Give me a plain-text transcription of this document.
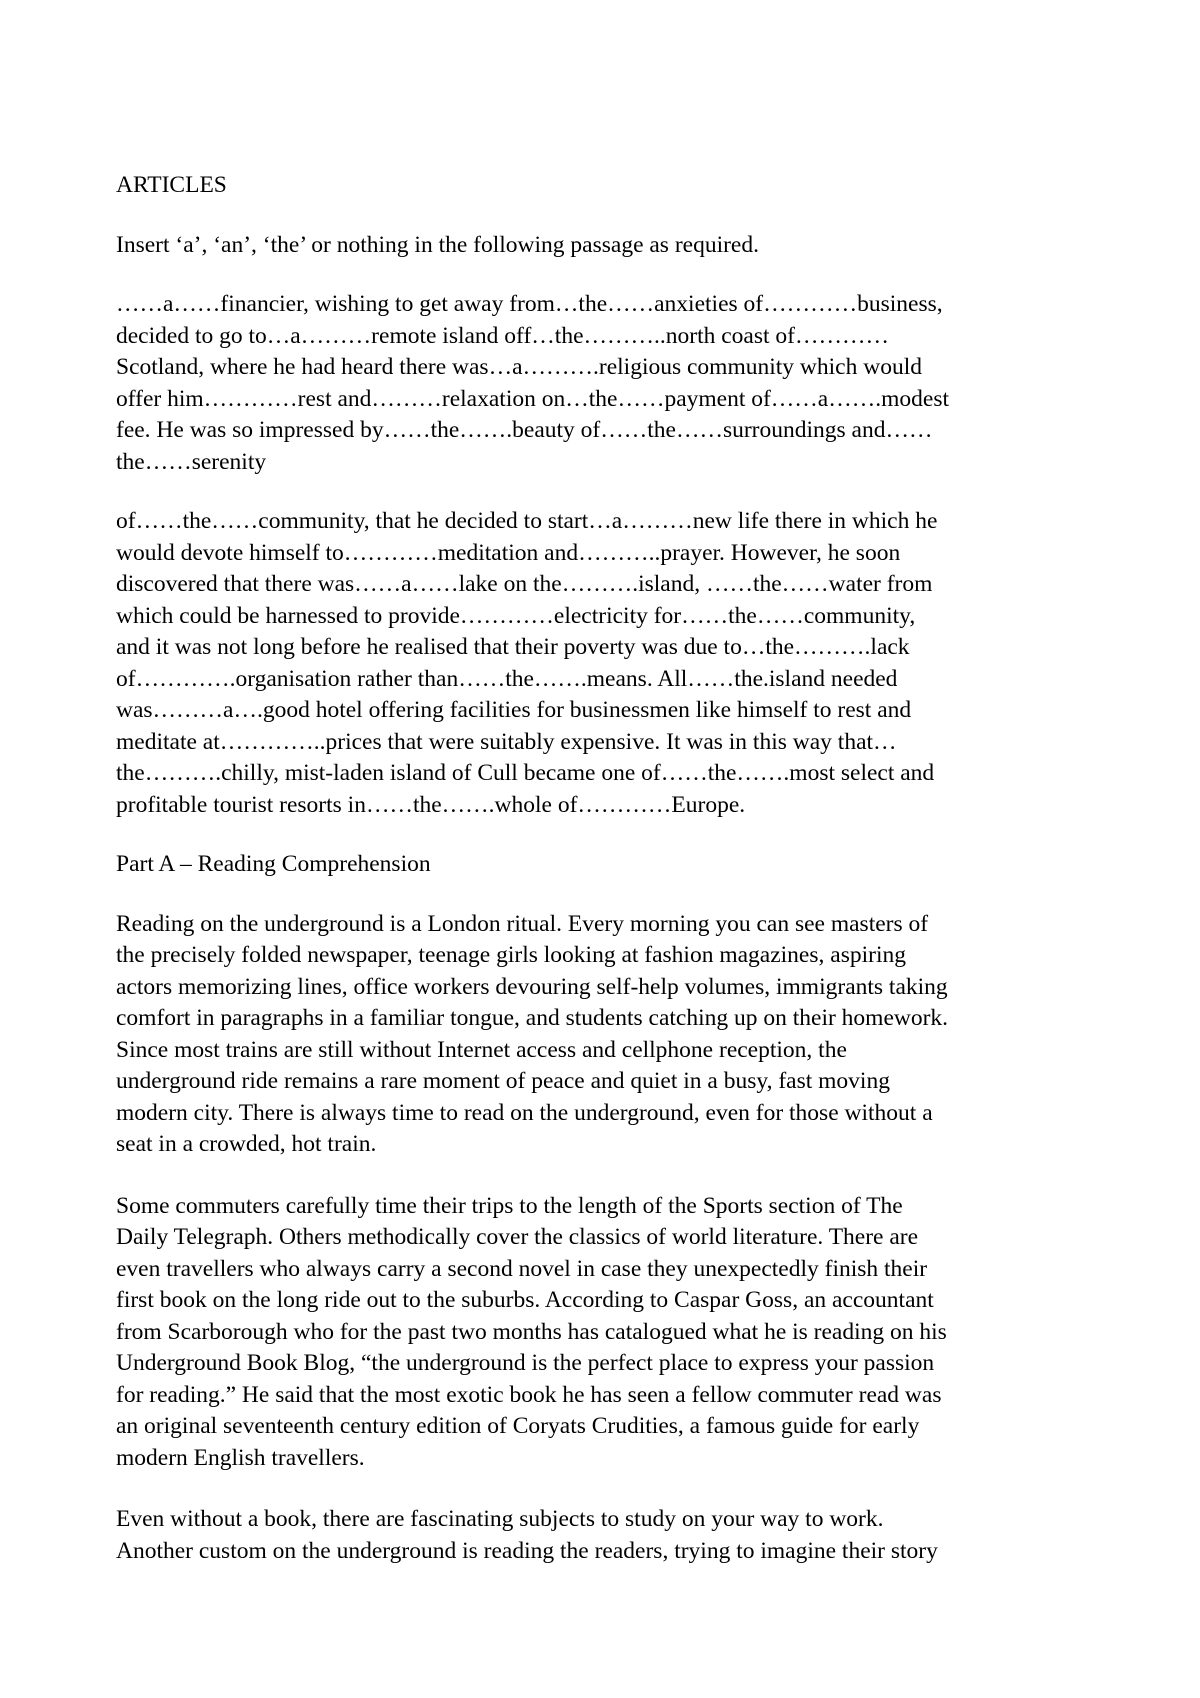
ARTICLES
Insert ‘a’, ‘an’, ‘the’ or nothing in the following passage as required.
……a……financier, wishing to get away from…the……anxieties of…………business,
decided to go to…a………remote island off…the………..north coast of…………
Scotland, where he had heard there was…a……….religious community which would
offer him…………rest and………relaxation on…the……payment of……a…….modest
fee. He was so impressed by……the…….beauty of……the……surroundings and……
the……serenity
of……the……community, that he decided to start…a………new life there in which he
would devote himself to…………meditation and………..prayer. However, he soon
discovered that there was……a……lake on the……….island, ……the……water from
which could be harnessed to provide…………electricity for……the……community,
and it was not long before he realised that their poverty was due to…the……….lack
of………….organisation rather than……the…….means. All……the.island needed
was………a….good hotel offering facilities for businessmen like himself to rest and
meditate at…………..prices that were suitably expensive. It was in this way that…
the……….chilly, mist-laden island of Cull became one of……the…….most select and
profitable tourist resorts in……the…….whole of…………Europe.
Part A – Reading Comprehension
Reading on the underground is a London ritual. Every morning you can see masters of
the precisely folded newspaper, teenage girls looking at fashion magazines, aspiring
actors memorizing lines, office workers devouring self-help volumes, immigrants taking
comfort in paragraphs in a familiar tongue, and students catching up on their homework.
Since most trains are still without Internet access and cellphone reception, the
underground ride remains a rare moment of peace and quiet in a busy, fast moving
modern city. There is always time to read on the underground, even for those without a
seat in a crowded, hot train.
Some commuters carefully time their trips to the length of the Sports section of The
Daily Telegraph. Others methodically cover the classics of world literature. There are
even travellers who always carry a second novel in case they unexpectedly finish their
first book on the long ride out to the suburbs. According to Caspar Goss, an accountant
from Scarborough who for the past two months has catalogued what he is reading on his
Underground Book Blog, “the underground is the perfect place to express your passion
for reading.” He said that the most exotic book he has seen a fellow commuter read was
an original seventeenth century edition of Coryats Crudities, a famous guide for early
modern English travellers.
Even without a book, there are fascinating subjects to study on your way to work.
Another custom on the underground is reading the readers, trying to imagine their story
